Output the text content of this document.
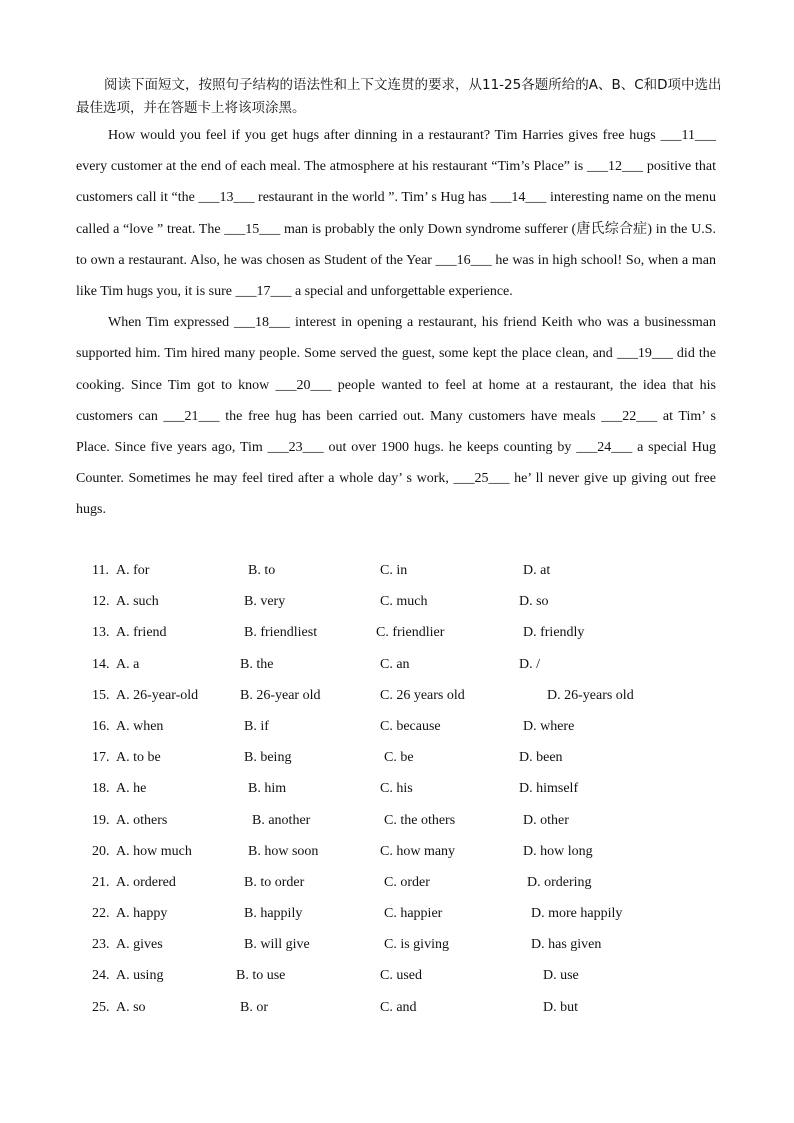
阅读下面短文，按照句子结构的语法性和上下文连贯的要求，从11-25各题所给的A、B、C和D项中选出最佳选项，并在答题卡上将该项涂黑。

How would you feel if you get hugs after dinning in a restaurant? Tim Harries gives free hugs ___11___ every customer at the end of each meal. The atmosphere at his restaurant “Tim’s Place” is ___12___ positive that customers call it “the ___13___ restaurant in the world ”. Tim’ s Hug has ___14___ interesting name on the menu called a “love ” treat. The ___15___ man is probably the only Down syndrome sufferer (唐氏综合症) in the U.S. to own a restaurant. Also, he was chosen as Student of the Year ___16___ he was in high school! So, when a man like Tim hugs you, it is sure ___17___ a special and unforgettable experience.

When Tim expressed ___18___ interest in opening a restaurant, his friend Keith who was a businessman supported him. Tim hired many people. Some served the guest, some kept the place clean, and ___19___ did the cooking. Since Tim got to know ___20___ people wanted to feel at home at a restaurant, the idea that his customers can ___21___ the free hug has been carried out. Many customers have meals ___22___ at Tim’ s Place. Since five years ago, Tim ___23___ out over 1900 hugs. he keeps counting by ___24___ a special Hug Counter. Sometimes he may feel tired after a whole day’ s work, ___25___ he’ ll never give up giving out free hugs.

11. A. for	B. to	C. in	D. at
12. A. such	B. very	C. much	D. so
13. A. friend	B. friendliest	C. friendlier	D. friendly
14. A. a	B. the	C. an	D. /
15. A. 26-year-old	B. 26-year old	C. 26 years old	D. 26-years old
16. A. when	B. if	C. because	D. where
17. A. to be	B. being	C. be	D. been
18. A. he	B. him	C. his	D. himself
19. A. others	B. another	C. the others	D. other
20. A. how much	B. how soon	C. how many	D. how long
21. A. ordered	B. to order	C. order	D. ordering
22. A. happy	B. happily	C. happier	D. more happily
23. A. gives	B. will give	C. is giving	D. has given
24. A. using	B. to use	C. used	D. use
25. A. so	B. or	C. and	D. but
